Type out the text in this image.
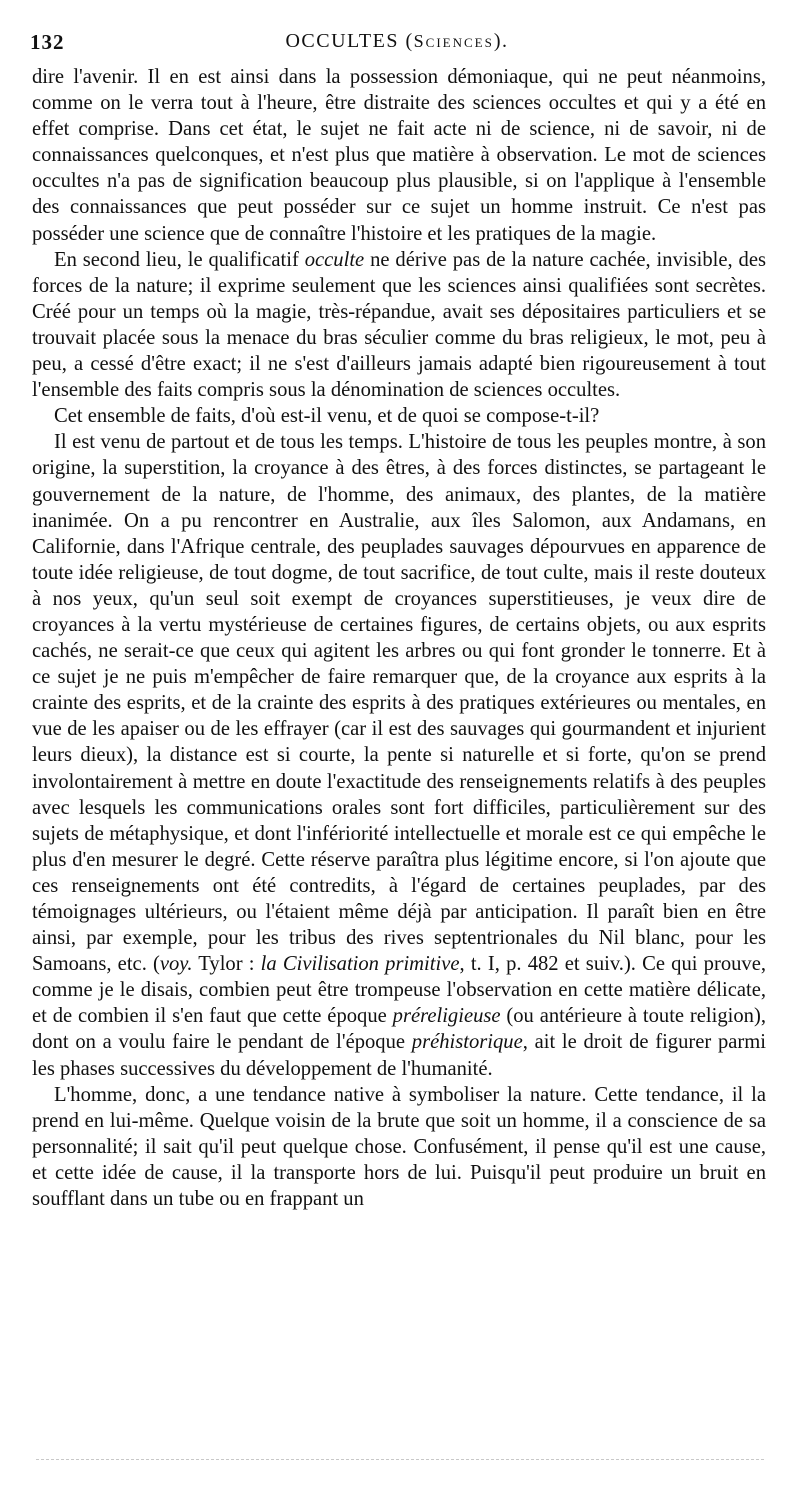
132	OCCULTES (Sciences).

dire l'avenir. Il en est ainsi dans la possession démoniaque, qui ne peut néanmoins, comme on le verra tout à l'heure, être distraite des sciences occultes et qui y a été en effet comprise. Dans cet état, le sujet ne fait acte ni de science, ni de savoir, ni de connaissances quelconques, et n'est plus que matière à observation. Le mot de sciences occultes n'a pas de signification beaucoup plus plausible, si on l'applique à l'ensemble des connaissances que peut posséder sur ce sujet un homme instruit. Ce n'est pas posséder une science que de connaître l'histoire et les pratiques de la magie.

En second lieu, le qualificatif occulte ne dérive pas de la nature cachée, invisible, des forces de la nature; il exprime seulement que les sciences ainsi qualifiées sont secrètes. Créé pour un temps où la magie, très-répandue, avait ses dépositaires particuliers et se trouvait placée sous la menace du bras séculier comme du bras religieux, le mot, peu à peu, a cessé d'être exact; il ne s'est d'ailleurs jamais adapté bien rigoureusement à tout l'ensemble des faits compris sous la dénomination de sciences occultes.

Cet ensemble de faits, d'où est-il venu, et de quoi se compose-t-il?

Il est venu de partout et de tous les temps. L'histoire de tous les peuples montre, à son origine, la superstition, la croyance à des êtres, à des forces distinctes, se partageant le gouvernement de la nature, de l'homme, des animaux, des plantes, de la matière inanimée. On a pu rencontrer en Australie, aux îles Salomon, aux Andamans, en Californie, dans l'Afrique centrale, des peuplades sauvages dépourvues en apparence de toute idée religieuse, de tout dogme, de tout sacrifice, de tout culte, mais il reste douteux à nos yeux, qu'un seul soit exempt de croyances superstitieuses, je veux dire de croyances à la vertu mystérieuse de certaines figures, de certains objets, ou aux esprits cachés, ne serait-ce que ceux qui agitent les arbres ou qui font gronder le tonnerre. Et à ce sujet je ne puis m'empêcher de faire remarquer que, de la croyance aux esprits à la crainte des esprits, et de la crainte des esprits à des pratiques extérieures ou mentales, en vue de les apaiser ou de les effrayer (car il est des sauvages qui gourmandent et injurient leurs dieux), la distance est si courte, la pente si naturelle et si forte, qu'on se prend involontairement à mettre en doute l'exactitude des renseignements relatifs à des peuples avec lesquels les communications orales sont fort difficiles, particulièrement sur des sujets de métaphysique, et dont l'infériorité intellectuelle et morale est ce qui empêche le plus d'en mesurer le degré. Cette réserve paraîtra plus légitime encore, si l'on ajoute que ces renseignements ont été contredits, à l'égard de certaines peuplades, par des témoignages ultérieurs, ou l'étaient même déjà par anticipation. Il paraît bien en être ainsi, par exemple, pour les tribus des rives septentrionales du Nil blanc, pour les Samoans, etc. (voy. Tylor : la Civilisation primitive, t. I, p. 482 et suiv.). Ce qui prouve, comme je le disais, combien peut être trompeuse l'observation en cette matière délicate, et de combien il s'en faut que cette époque préreligieuse (ou antérieure à toute religion), dont on a voulu faire le pendant de l'époque préhistorique, ait le droit de figurer parmi les phases successives du développement de l'humanité.

L'homme, donc, a une tendance native à symboliser la nature. Cette tendance, il la prend en lui-même. Quelque voisin de la brute que soit un homme, il a conscience de sa personnalité; il sait qu'il peut quelque chose. Confusément, il pense qu'il est une cause, et cette idée de cause, il la transporte hors de lui. Puisqu'il peut produire un bruit en soufflant dans un tube ou en frappant un
